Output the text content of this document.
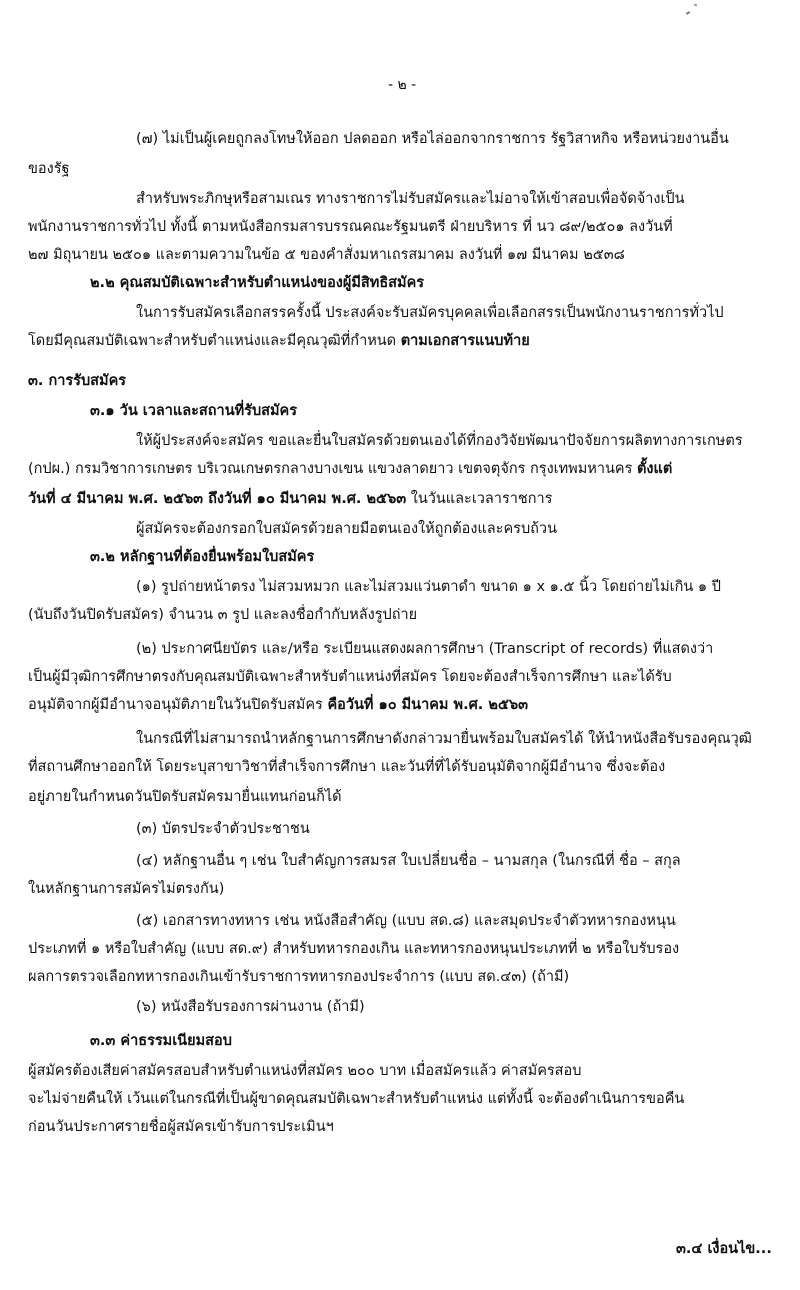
- ๒ -
(๗) ไม่เป็นผู้เคยถูกลงโทษให้ออก ปลดออก หรือไล่ออกจากราชการ รัฐวิสาหกิจ หรือหน่วยงานอื่น
ของรัฐ
สำหรับพระภิกษุหรือสามเณร ทางราชการไม่รับสมัครและไม่อาจให้เข้าสอบเพื่อจัดจ้างเป็น
พนักงานราชการทั่วไป ทั้งนี้ ตามหนังสือกรมสารบรรณคณะรัฐมนตรี ฝ่ายบริหาร ที่ นว ๘๙/๒๕๐๑ ลงวันที่
๒๗ มิถุนายน ๒๕๐๑ และตามความในข้อ ๕ ของคำสั่งมหาเถรสมาคม ลงวันที่ ๑๗ มีนาคม ๒๕๓๘
๒.๒ คุณสมบัติเฉพาะสำหรับตำแหน่งของผู้มีสิทธิสมัคร
ในการรับสมัครเลือกสรรครั้งนี้ ประสงค์จะรับสมัครบุคคลเพื่อเลือกสรรเป็นพนักงานราชการทั่วไป
โดยมีคุณสมบัติเฉพาะสำหรับตำแหน่งและมีคุณวุฒิที่กำหนด ตามเอกสารแนบท้าย
๓. การรับสมัคร
๓.๑ วัน เวลาและสถานที่รับสมัคร
ให้ผู้ประสงค์จะสมัคร ขอและยื่นใบสมัครด้วยตนเองได้ที่กองวิจัยพัฒนาปัจจัยการผลิตทางการเกษตร
(กปผ.) กรมวิชาการเกษตร บริเวณเกษตรกลางบางเขน แขวงลาดยาว เขตจตุจักร กรุงเทพมหานคร ตั้งแต่
วันที่ ๔ มีนาคม พ.ศ. ๒๕๖๓ ถึงวันที่ ๑๐ มีนาคม พ.ศ. ๒๕๖๓ ในวันและเวลาราชการ
ผู้สมัครจะต้องกรอกใบสมัครด้วยลายมือตนเองให้ถูกต้องและครบถ้วน
๓.๒ หลักฐานที่ต้องยื่นพร้อมใบสมัคร
(๑) รูปถ่ายหน้าตรง ไม่สวมหมวก และไม่สวมแว่นตาดำ ขนาด ๑ x ๑.๕ นิ้ว โดยถ่ายไม่เกิน ๑ ปี
(นับถึงวันปิดรับสมัคร) จำนวน ๓ รูป และลงชื่อกำกับหลังรูปถ่าย
(๒) ประกาศนียบัตร และ/หรือ ระเบียนแสดงผลการศึกษา (Transcript of records) ที่แสดงว่า
เป็นผู้มีวุฒิการศึกษาตรงกับคุณสมบัติเฉพาะสำหรับตำแหน่งที่สมัคร โดยจะต้องสำเร็จการศึกษา และได้รับ
อนุมัติจากผู้มีอำนาจอนุมัติภายในวันปิดรับสมัคร คือวันที่ ๑๐ มีนาคม พ.ศ. ๒๕๖๓
ในกรณีที่ไม่สามารถนำหลักฐานการศึกษาดังกล่าวมายื่นพร้อมใบสมัครได้ ให้นำหนังสือรับรองคุณวุฒิ
ที่สถานศึกษาออกให้ โดยระบุสาขาวิชาที่สำเร็จการศึกษา และวันที่ที่ได้รับอนุมัติจากผู้มีอำนาจ ซึ่งจะต้อง
อยู่ภายในกำหนดวันปิดรับสมัครมายื่นแทนก่อนก็ได้
(๓) บัตรประจำตัวประชาชน
(๔) หลักฐานอื่น ๆ เช่น ใบสำคัญการสมรส ใบเปลี่ยนชื่อ – นามสกุล (ในกรณีที่ ชื่อ – สกุล
ในหลักฐานการสมัครไม่ตรงกัน)
(๕) เอกสารทางทหาร เช่น หนังสือสำคัญ (แบบ สด.๘) และสมุดประจำตัวทหารกองหนุน
ประเภทที่ ๑ หรือใบสำคัญ (แบบ สด.๙) สำหรับทหารกองเกิน และทหารกองหนุนประเภทที่ ๒ หรือใบรับรอง
ผลการตรวจเลือกทหารกองเกินเข้ารับราชการทหารกองประจำการ (แบบ สด.๔๓) (ถ้ามี)
(๖) หนังสือรับรองการผ่านงาน (ถ้ามี)
๓.๓ ค่าธรรมเนียมสอบ
ผู้สมัครต้องเสียค่าสมัครสอบสำหรับตำแหน่งที่สมัคร ๒๐๐ บาท เมื่อสมัครแล้ว ค่าสมัครสอบ
จะไม่จ่ายคืนให้ เว้นแต่ในกรณีที่เป็นผู้ขาดคุณสมบัติเฉพาะสำหรับตำแหน่ง แต่ทั้งนี้ จะต้องดำเนินการขอคืน
ก่อนวันประกาศรายชื่อผู้สมัครเข้ารับการประเมินฯ
๓.๔ เงื่อนไข...
